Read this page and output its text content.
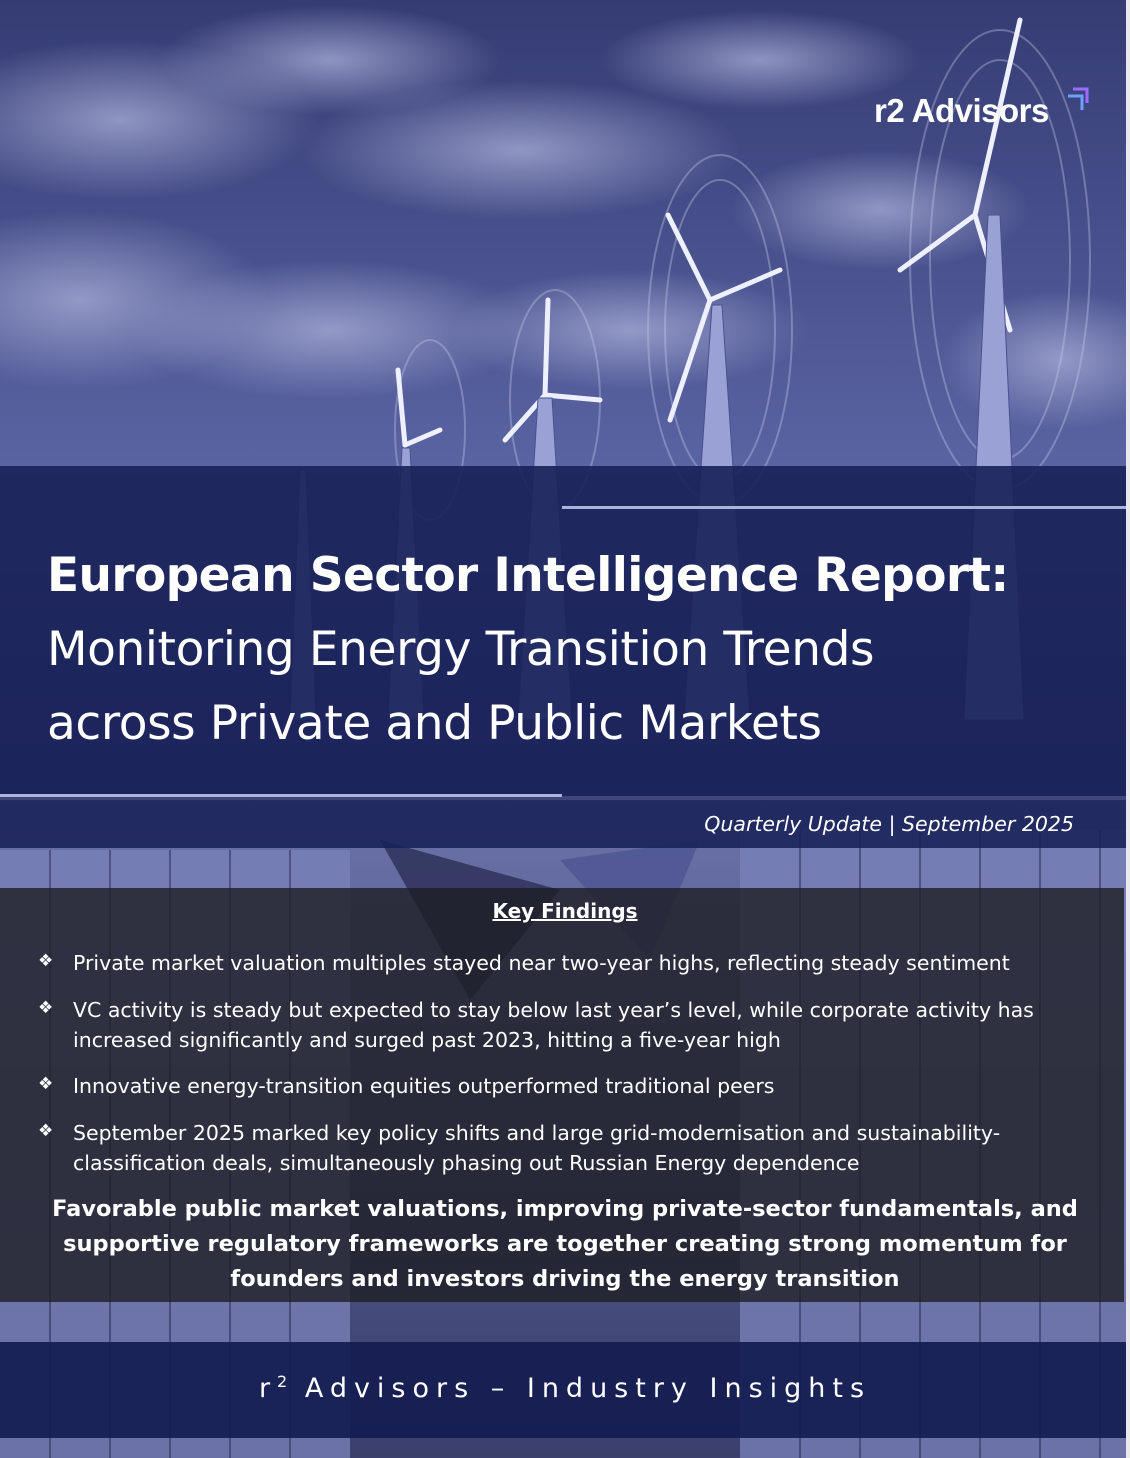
r2 Advisors
European Sector Intelligence Report:
Monitoring Energy Transition Trends
across Private and Public Markets
Quarterly Update | September 2025
Key Findings
❖ Private market valuation multiples stayed near two-year highs, reflecting steady sentiment
❖ VC activity is steady but expected to stay below last year’s level, while corporate activity has increased significantly and surged past 2023, hitting a five-year high
❖ Innovative energy-transition equities outperformed traditional peers
❖ September 2025 marked key policy shifts and large grid-modernisation and sustainability-classification deals, simultaneously phasing out Russian Energy dependence
Favorable public market valuations, improving private-sector fundamentals, and supportive regulatory frameworks are together creating strong momentum for founders and investors driving the energy transition
$r^2$ Advisors – Industry Insights
